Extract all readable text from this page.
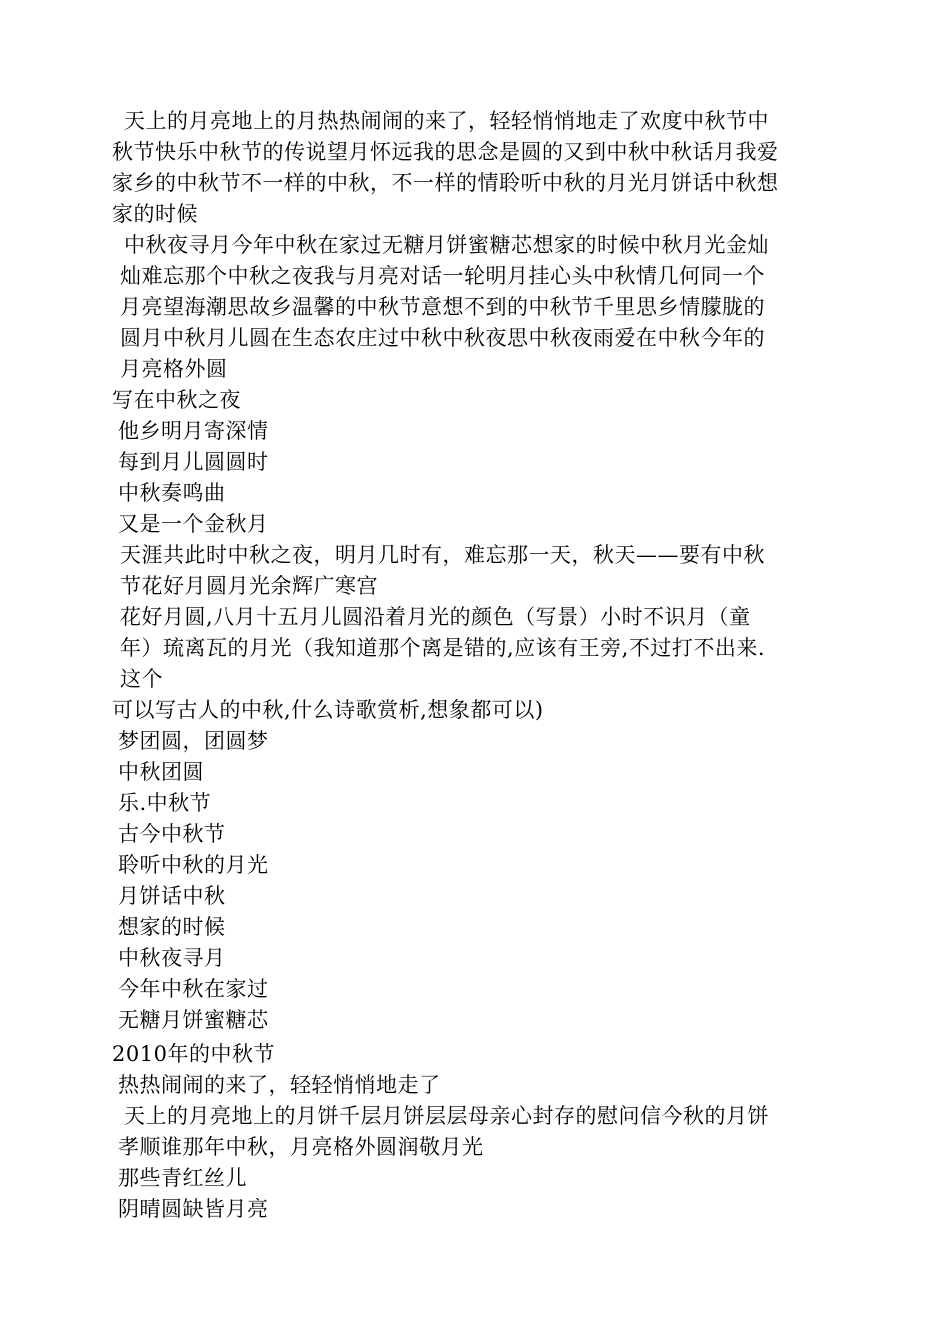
天上的月亮地上的月热热闹闹的来了，轻轻悄悄地走了欢度中秋节中
秋节快乐中秋节的传说望月怀远我的思念是圆的又到中秋中秋话月我爱
家乡的中秋节不一样的中秋，不一样的情聆听中秋的月光月饼话中秋想
家的时候
中秋夜寻月今年中秋在家过无糖月饼蜜糖芯想家的时候中秋月光金灿
灿难忘那个中秋之夜我与月亮对话一轮明月挂心头中秋情几何同一个
月亮望海潮思故乡温馨的中秋节意想不到的中秋节千里思乡情朦胧的
圆月中秋月儿圆在生态农庄过中秋中秋夜思中秋夜雨爱在中秋今年的
月亮格外圆
写在中秋之夜
他乡明月寄深情
每到月儿圆圆时
中秋奏鸣曲
又是一个金秋月
天涯共此时中秋之夜，明月几时有，难忘那一天，秋天——要有中秋
节花好月圆月光余辉广寒宫
花好月圆,八月十五月儿圆沿着月光的颜色（写景）小时不识月（童
年）琉离瓦的月光（我知道那个离是错的,应该有王旁,不过打不出来.
这个
可以写古人的中秋,什么诗歌赏析,想象都可以)
梦团圆，团圆梦
中秋团圆
乐.中秋节
古今中秋节
聆听中秋的月光
月饼话中秋
想家的时候
中秋夜寻月
今年中秋在家过
无糖月饼蜜糖芯
2010年的中秋节
热热闹闹的来了，轻轻悄悄地走了
天上的月亮地上的月饼千层月饼层层母亲心封存的慰问信今秋的月饼
孝顺谁那年中秋，月亮格外圆润敬月光
那些青红丝儿
阴晴圆缺皆月亮
